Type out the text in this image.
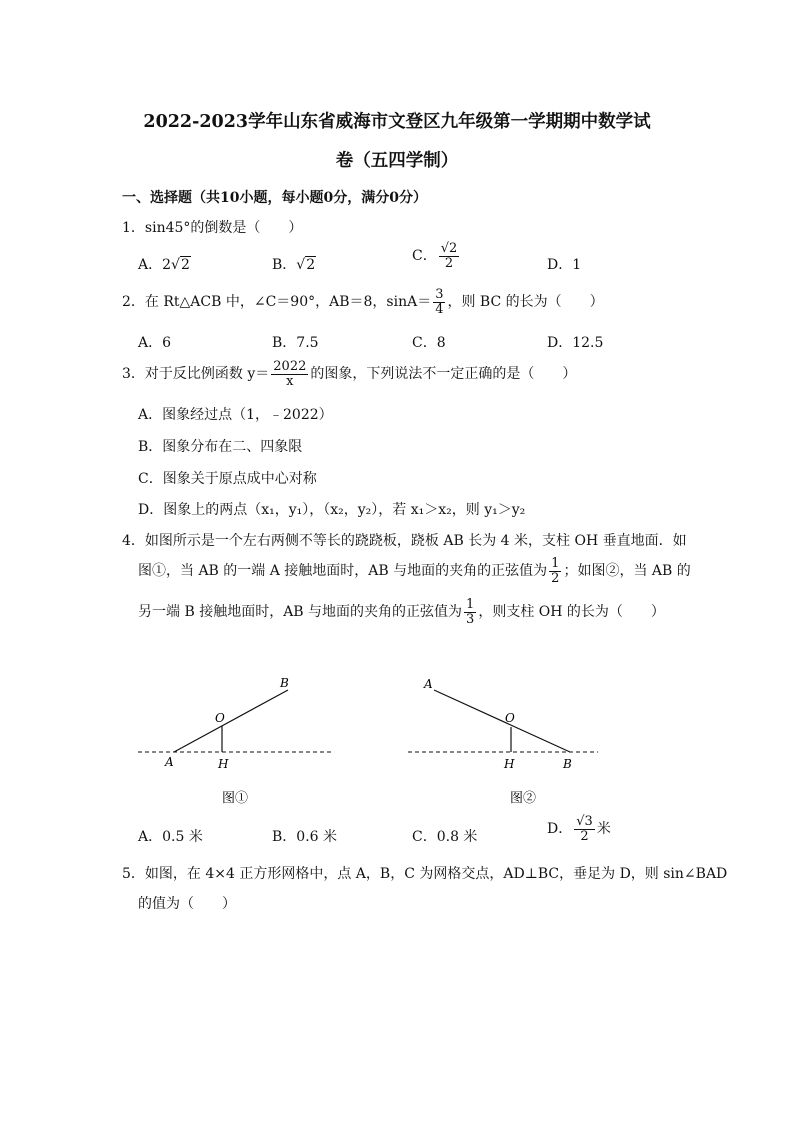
2022-2023学年山东省威海市文登区九年级第一学期期中数学试
卷（五四学制）
一、选择题（共10小题，每小题0分，满分0分）
1．sin45°的倒数是（　　）
A．2√2	B．√2
C． $\frac{√2}{2}$	D．1
2．在 Rt△ACB 中，∠C＝90°，AB＝8，$\sin A= \frac{3}{4}$ ，则 BC 的长为（　　）
A．6	B．7.5	C．8	D．12.5
3．对于反比例函数 $y= \frac{2022}{x}$ 的图象，下列说法不一定正确的是（　　）
A．图象经过点（1，﹣2022）
B．图象分布在二、四象限
C．图象关于原点成中心对称
D．图象上的两点（x₁，y₁），（x₂，y₂），若 x₁＞x₂，则 y₁＞y₂
4．如图所示是一个左右两侧不等长的跷跷板，跷板 AB 长为 4 米，支柱 OH 垂直地面．如
图①，当 AB 的一端 A 接触地面时，AB 与地面的夹角的正弦值为 $\frac{1}{2}$ ；如图②，当 AB 的
另一端 B 接触地面时，AB 与地面的夹角的正弦值为 $\frac{1}{3}$ ，则支柱 OH 的长为（　　）
B
O
A	H
图①
A
O
H	B
图②
A．0.5 米	B．0.6 米	C．0.8 米	D． $\frac{√3}{2}$ 米
5．如图，在 4×4 正方形网格中，点 A，B，C 为网格交点，AD⊥BC，垂足为 D，则 sin∠BAD
的值为（　　）
